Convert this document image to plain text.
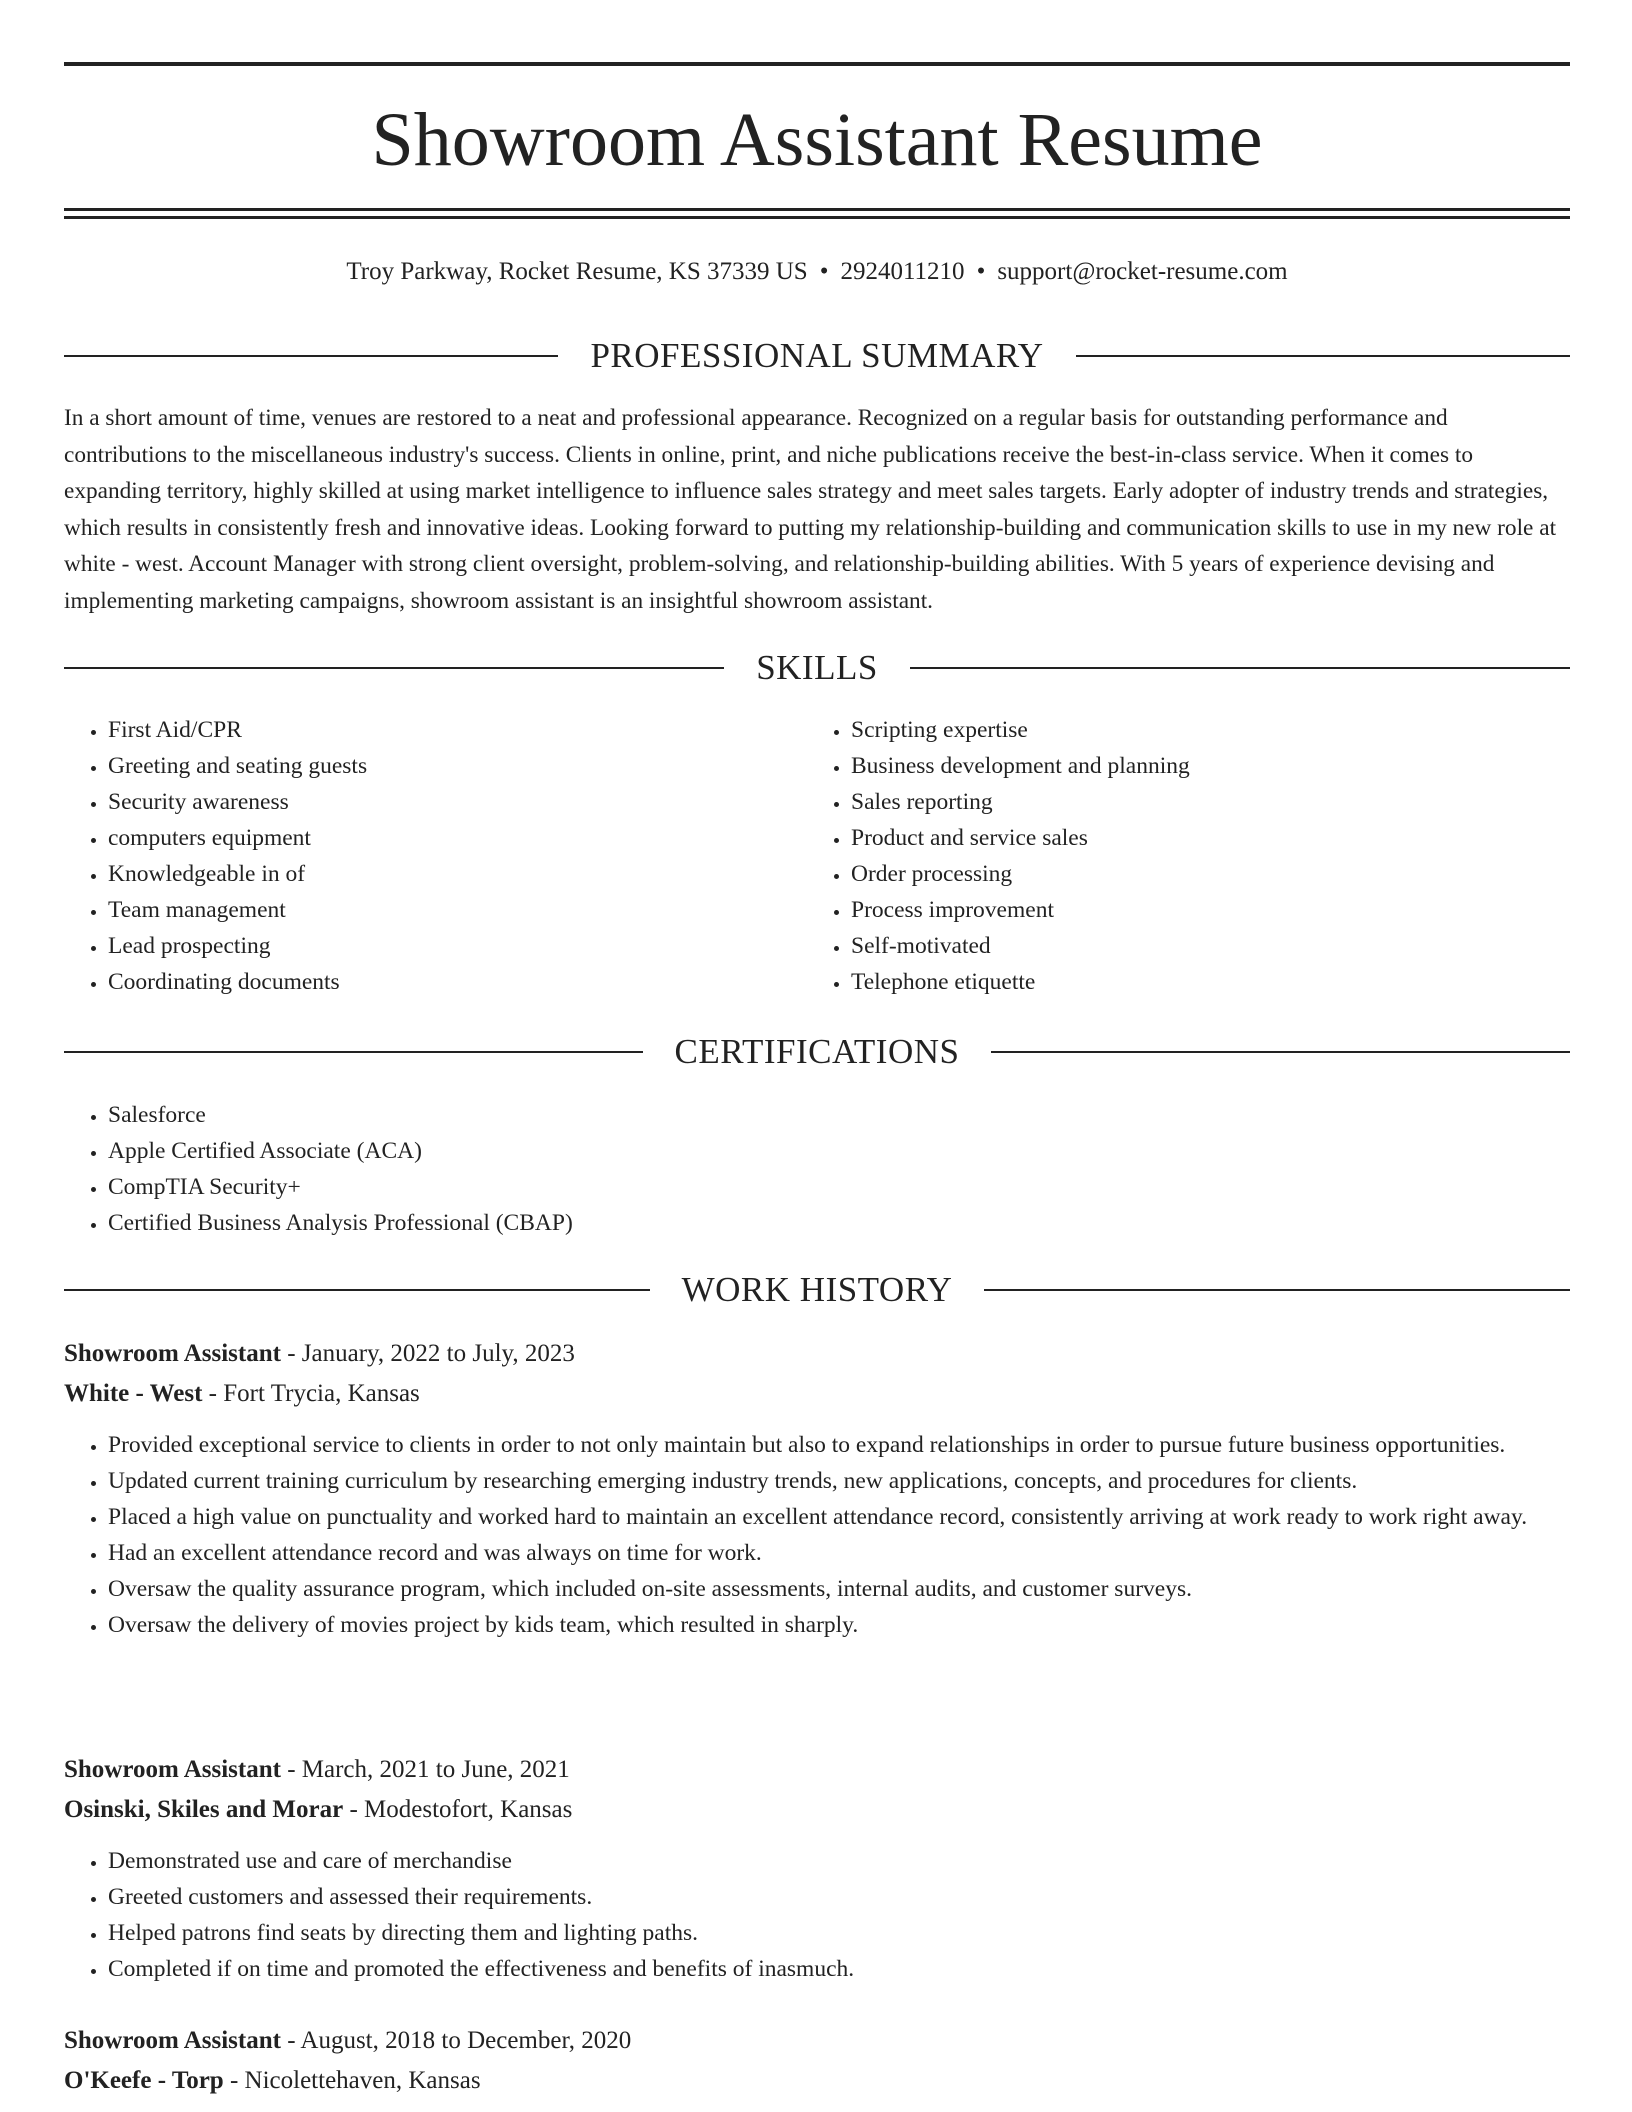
Showroom Assistant Resume
Troy Parkway, Rocket Resume, KS 37339 US • 2924011210 • support@rocket-resume.com
PROFESSIONAL SUMMARY

In a short amount of time, venues are restored to a neat and professional appearance. Recognized on a regular basis for outstanding performance and contributions to the miscellaneous industry's success. Clients in online, print, and niche publications receive the best-in-class service. When it comes to expanding territory, highly skilled at using market intelligence to influence sales strategy and meet sales targets. Early adopter of industry trends and strategies, which results in consistently fresh and innovative ideas. Looking forward to putting my relationship-building and communication skills to use in my new role at white - west. Account Manager with strong client oversight, problem-solving, and relationship-building abilities. With 5 years of experience devising and implementing marketing campaigns, showroom assistant is an insightful showroom assistant.

SKILLS
• First Aid/CPR
• Greeting and seating guests
• Security awareness
• computers equipment
• Knowledgeable in of
• Team management
• Lead prospecting
• Coordinating documents
• Scripting expertise
• Business development and planning
• Sales reporting
• Product and service sales
• Order processing
• Process improvement
• Self-motivated
• Telephone etiquette
CERTIFICATIONS
• Salesforce
• Apple Certified Associate (ACA)
• CompTIA Security+
• Certified Business Analysis Professional (CBAP)
WORK HISTORY
Showroom Assistant - January, 2022 to July, 2023
White - West - Fort Trycia, Kansas
• Provided exceptional service to clients in order to not only maintain but also to expand relationships in order to pursue future business opportunities.
• Updated current training curriculum by researching emerging industry trends, new applications, concepts, and procedures for clients.
• Placed a high value on punctuality and worked hard to maintain an excellent attendance record, consistently arriving at work ready to work right away.
• Had an excellent attendance record and was always on time for work.
• Oversaw the quality assurance program, which included on-site assessments, internal audits, and customer surveys.
• Oversaw the delivery of movies project by kids team, which resulted in sharply.
Showroom Assistant - March, 2021 to June, 2021
Osinski, Skiles and Morar - Modestofort, Kansas
• Demonstrated use and care of merchandise
• Greeted customers and assessed their requirements.
• Helped patrons find seats by directing them and lighting paths.
• Completed if on time and promoted the effectiveness and benefits of inasmuch.
Showroom Assistant - August, 2018 to December, 2020
O'Keefe - Torp - Nicolettehaven, Kansas
